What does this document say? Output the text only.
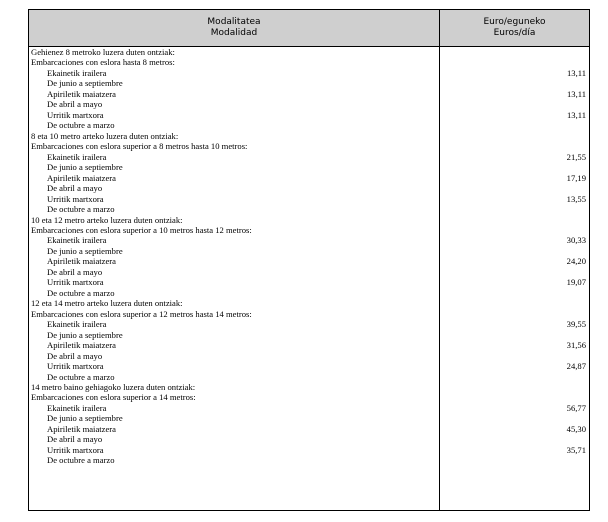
Modalitatea
Modalidad
Euro/eguneko
Euros/día
Gehienez 8 metroko luzera duten ontziak:
Embarcaciones con eslora hasta 8 metros:
Ekainetik irailera	13,11
De junio a septiembre
Apiriletik maiatzera	13,11
De abril a mayo
Urritik martxora	13,11
De octubre a marzo
8 eta 10 metro arteko luzera duten ontziak:
Embarcaciones con eslora superior a 8 metros hasta 10 metros:
Ekainetik irailera	21,55
De junio a septiembre
Apiriletik maiatzera	17,19
De abril a mayo
Urritik martxora	13,55
De octubre a marzo
10 eta 12 metro arteko luzera duten ontziak:
Embarcaciones con eslora superior a 10 metros hasta 12 metros:
Ekainetik irailera	30,33
De junio a septiembre
Apiriletik maiatzera	24,20
De abril a mayo
Urritik martxora	19,07
De octubre a marzo
12 eta 14 metro arteko luzera duten ontziak:
Embarcaciones con eslora superior a 12 metros hasta 14 metros:
Ekainetik irailera	39,55
De junio a septiembre
Apiriletik maiatzera	31,56
De abril a mayo
Urritik martxora	24,87
De octubre a marzo
14 metro baino gehiagoko luzera duten ontziak:
Embarcaciones con eslora superior a 14 metros:
Ekainetik irailera	56,77
De junio a septiembre
Apiriletik maiatzera	45,30
De abril a mayo
Urritik martxora	35,71
De octubre a marzo
